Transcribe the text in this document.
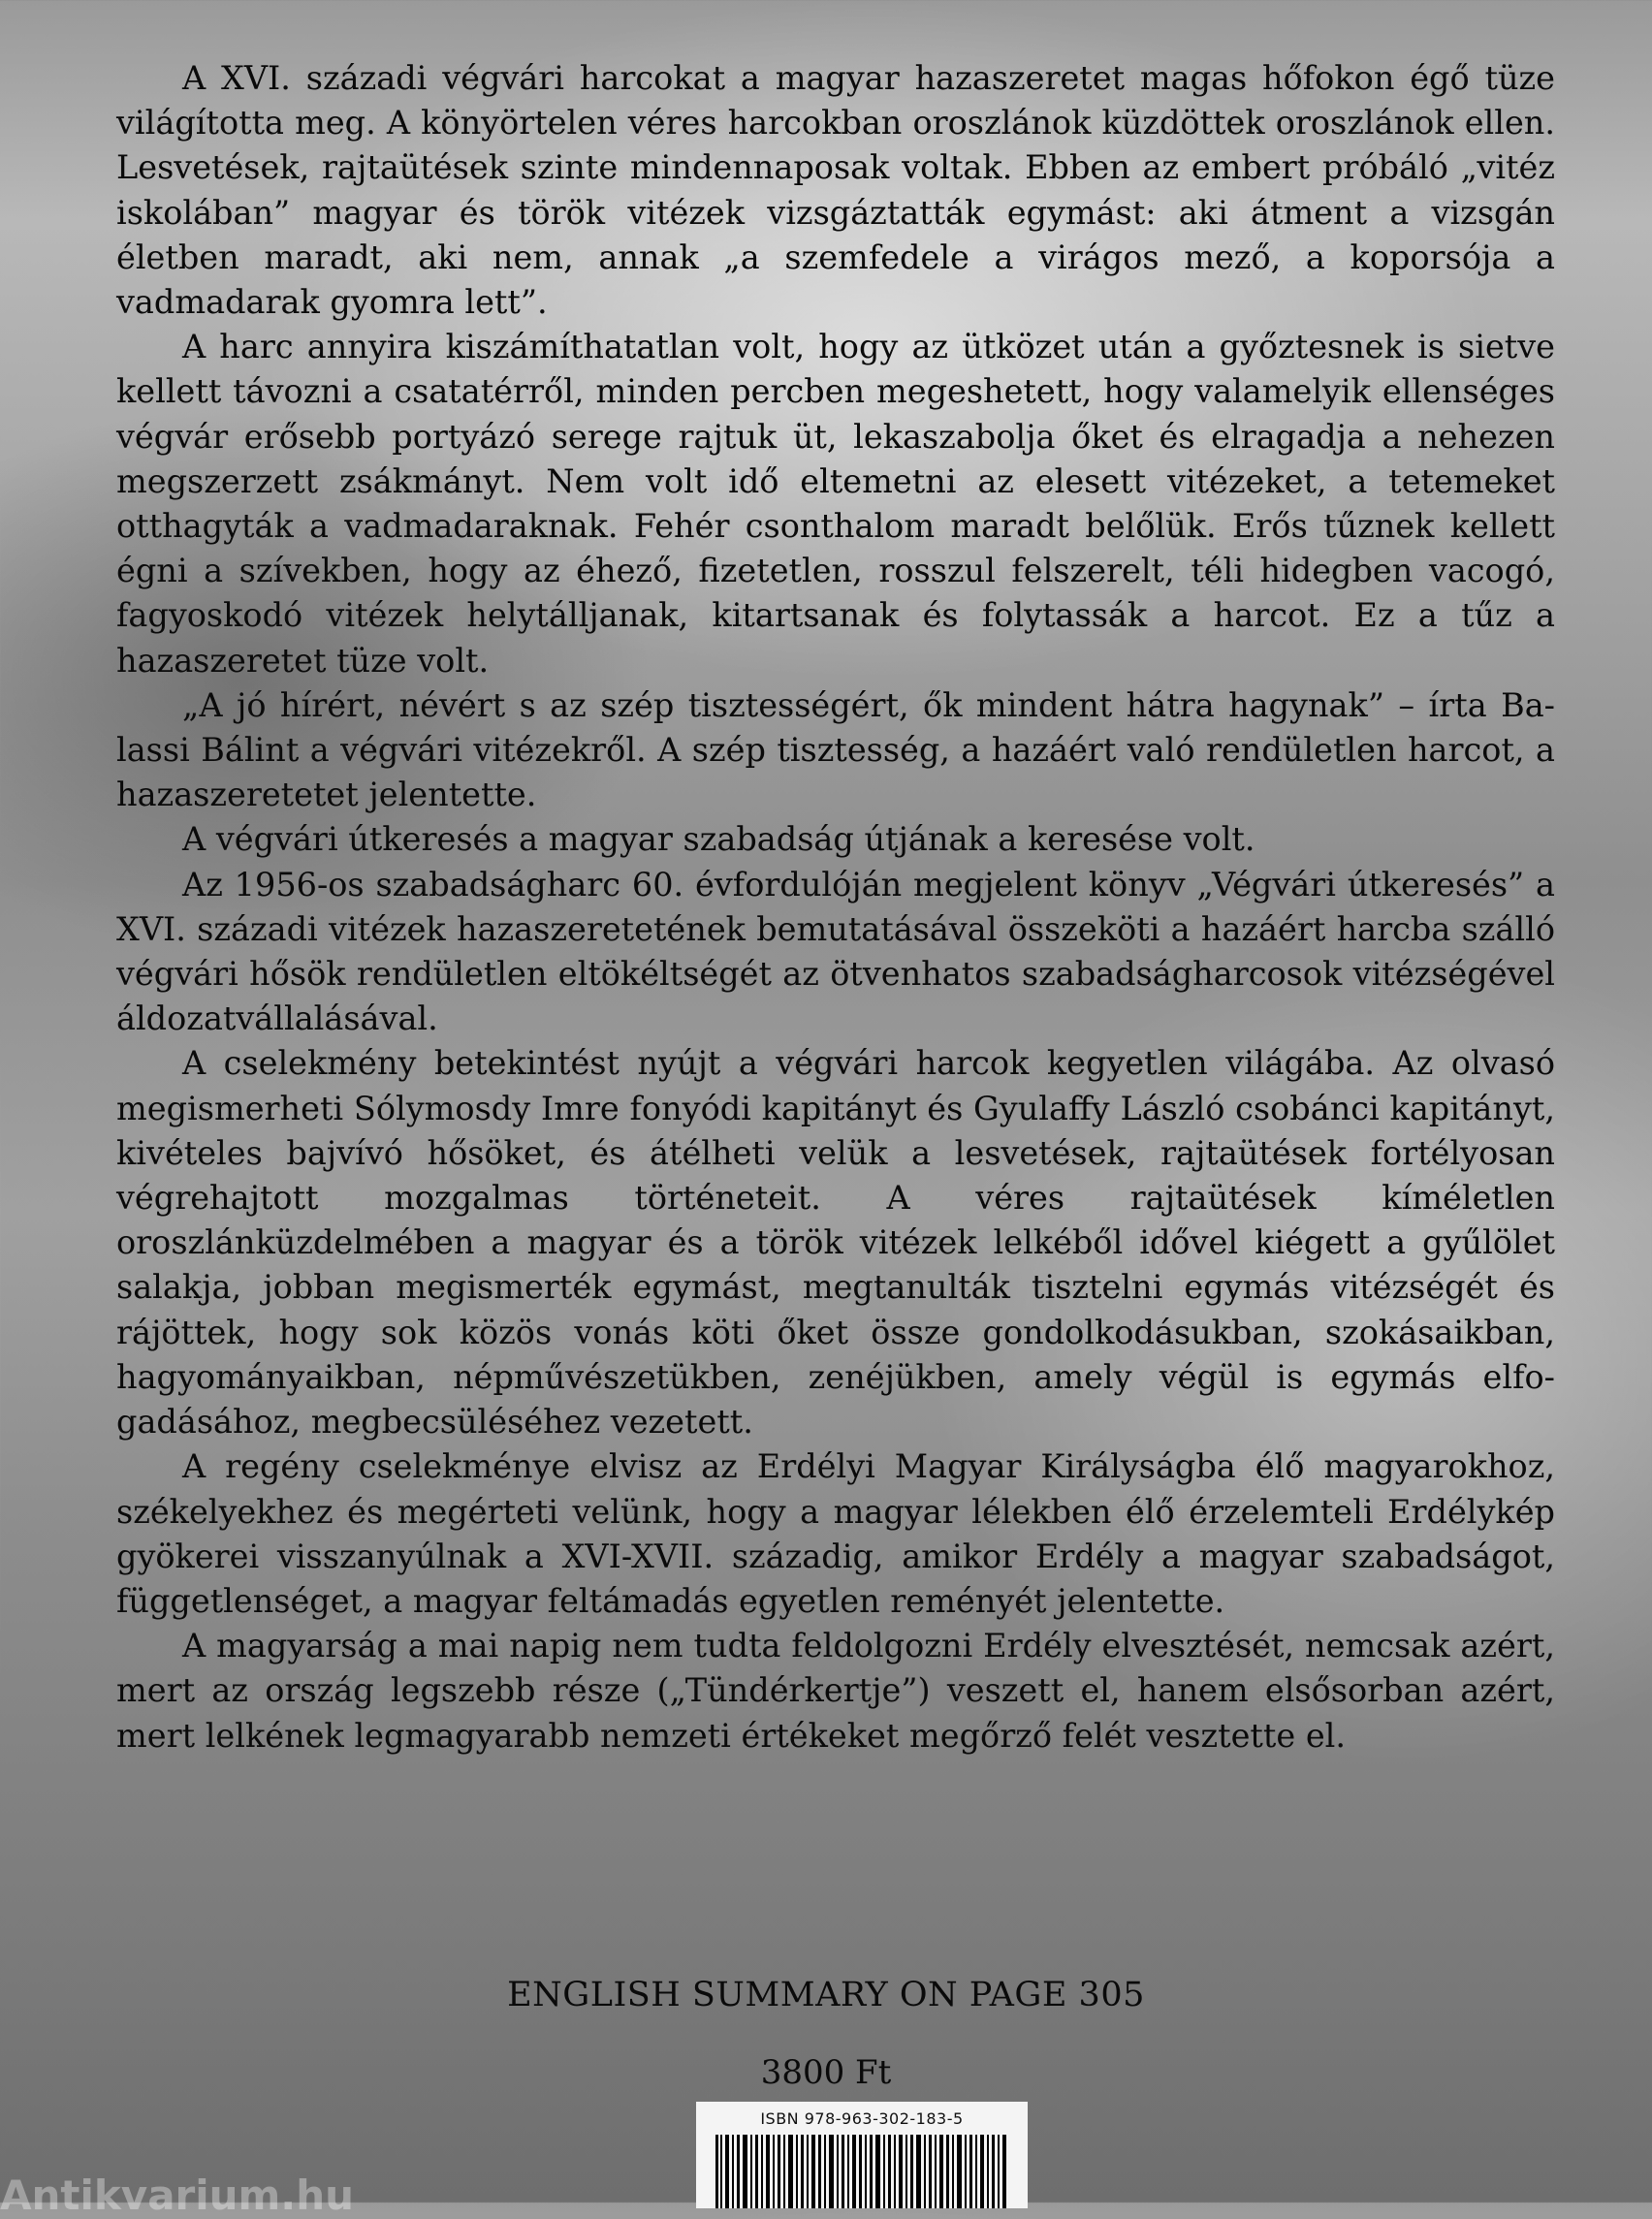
A XVI. századi végvári harcokat a magyar hazaszeretet magas hőfokon égő tüze világította meg. A könyörtelen véres harcokban oroszlánok küzdöttek oroszlánok ellen. Lesvetések, rajtaütések szinte mindennaposak voltak. Ebben az embert próbáló „vitéz iskolában” magyar és török vitézek vizsgáztatták egymást: aki átment a vizsgán életben maradt, aki nem, annak „a szemfedele a virágos mező, a koporsója a vadmadarak gyomra lett”.

A harc annyira kiszámíthatatlan volt, hogy az ütközet után a győztesnek is sietve kellett távozni a csatatérről, minden percben megeshetett, hogy valamelyik ellenséges végvár erősebb portyázó serege rajtuk üt, lekaszabolja őket és elragadja a nehezen megszerzett zsákmányt. Nem volt idő eltemetni az elesett vitézeket, a tetemeket otthagyták a vadmadaraknak. Fehér csonthalom maradt belőlük. Erős tűznek kellett égni a szívekben, hogy az éhező, fizetetlen, rosszul felszerelt, téli hidegben vacogó, fagyoskodó vitézek helytálljanak, kitartsanak és folytassák a harcot. Ez a tűz a hazaszeretet tüze volt.

„A jó hírért, névért s az szép tisztességért, ők mindent hátra hagynak” – írta Balassi Bálint a végvári vitézekről. A szép tisztesség, a hazáért való rendületlen harcot, a hazaszeretetet jelentette.

A végvári útkeresés a magyar szabadság útjának a keresése volt.

Az 1956-os szabadságharc 60. évfordulóján megjelent könyv „Végvári útkeresés” a XVI. századi vitézek hazaszeretetének bemutatásával összeköti a hazáért harcba szálló végvári hősök rendületlen eltökéltségét az ötvenhatos szabadságharcosok vitézségével áldozatvállalásával.

A cselekmény betekintést nyújt a végvári harcok kegyetlen világába. Az olvasó megismerheti Sólymosdy Imre fonyódi kapitányt és Gyulaffy László csobánci kapitányt, kivételes bajvívó hősöket, és átélheti velük a lesvetések, rajtaütések fortélyosan végrehajtott mozgalmas történeteit. A véres rajtaütések kíméletlen oroszlánküzdelmében a magyar és a török vitézek lelkéből idővel kiégett a gyűlölet salakja, jobban megismerték egymást, megtanulták tisztelni egymás vitézségét és rájöttek, hogy sok közös vonás köti őket össze gondolkodásukban, szokásaikban, hagyományaikban, népművészetükben, zenéjükben, amely végül is egymás elfogadásához, megbecsüléséhez vezetett.

A regény cselekménye elvisz az Erdélyi Magyar Királyságba élő magyarokhoz, székelyekhez és megérteti velünk, hogy a magyar lélekben élő érzelemteli Erdélykép gyökerei visszanyúlnak a XVI-XVII. századig, amikor Erdély a magyar szabadságot, függetlenséget, a magyar feltámadás egyetlen reményét jelentette.

A magyarság a mai napig nem tudta feldolgozni Erdély elvesztését, nemcsak azért, mert az ország legszebb része („Tündérkertje”) veszett el, hanem elsősorban azért, mert lelkének legmagyarabb nemzeti értékeket megőrző felét vesztette el.

ENGLISH SUMMARY ON PAGE 305
3800 Ft
ISBN 978-963-302-183-5
Antikvarium.hu
